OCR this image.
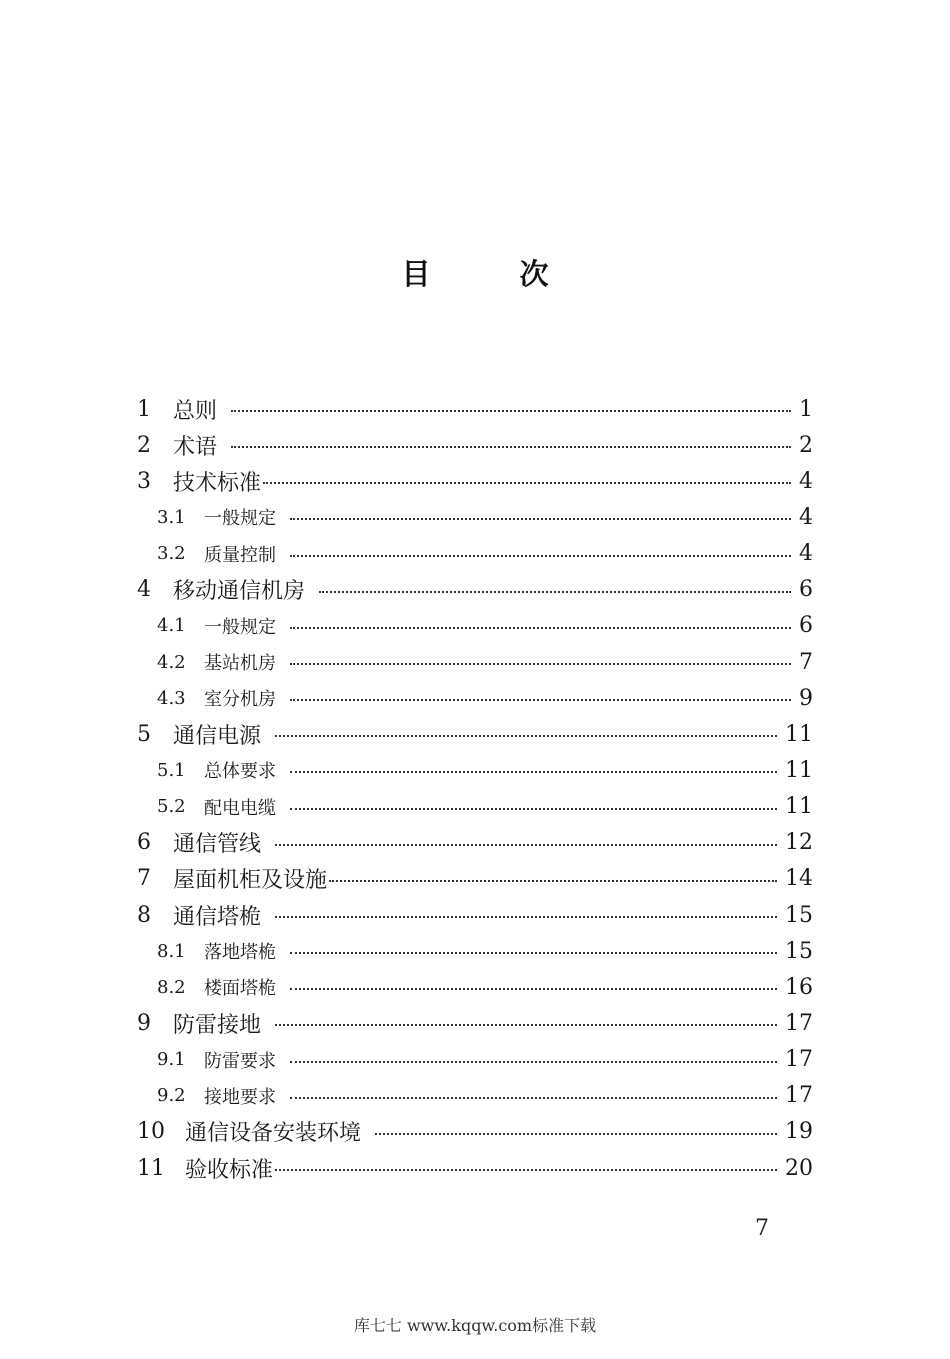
目　次
1	总则	1
2	术语	2
3	技术标准	4
3.1	一般规定	4
3.2	质量控制	4
4	移动通信机房	6
4.1	一般规定	6
4.2	基站机房	7
4.3	室分机房	9
5	通信电源	11
5.1	总体要求	11
5.2	配电电缆	11
6	通信管线	12
7	屋面机柜及设施	14
8	通信塔桅	15
8.1	落地塔桅	15
8.2	楼面塔桅	16
9	防雷接地	17
9.1	防雷要求	17
9.2	接地要求	17
10 通信设备安装环境	19
11 验收标准	20
7
库七七 www.kqqw.com标准下载
